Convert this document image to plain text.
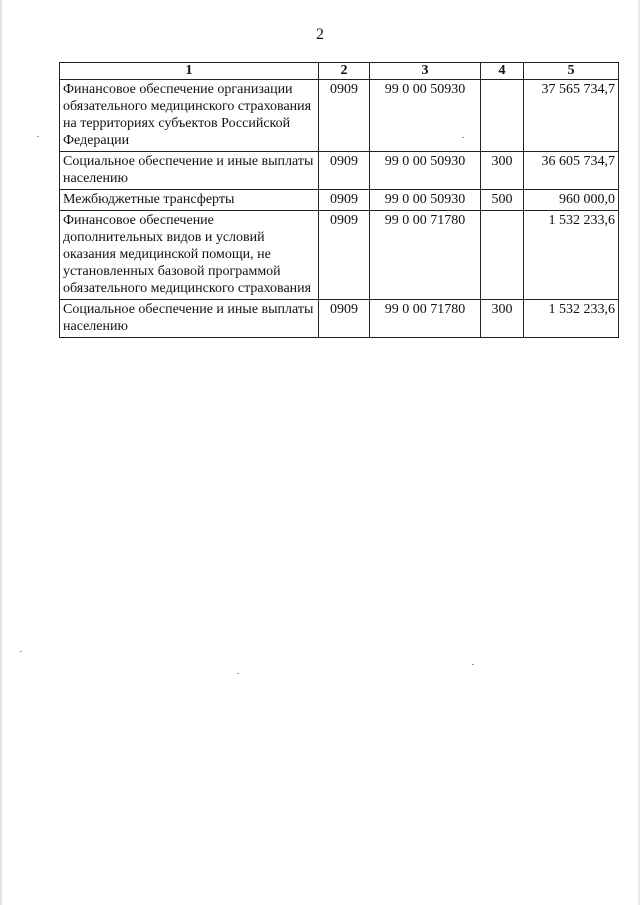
2
1	2	3	4	5
Финансовое обеспечение организации обязательного медицинского страхования на территориях субъектов Российской Федерации	0909	99 0 00 50930		37 565 734,7
Социальное обеспечение и иные выплаты населению	0909	99 0 00 50930	300	36 605 734,7
Межбюджетные трансферты	0909	99 0 00 50930	500	960 000,0
Финансовое обеспечение дополнительных видов и условий оказания медицинской помощи, не установленных базовой программой обязательного медицинского страхования	0909	99 0 00 71780		1 532 233,6
Социальное обеспечение и иные выплаты населению	0909	99 0 00 71780	300	1 532 233,6
